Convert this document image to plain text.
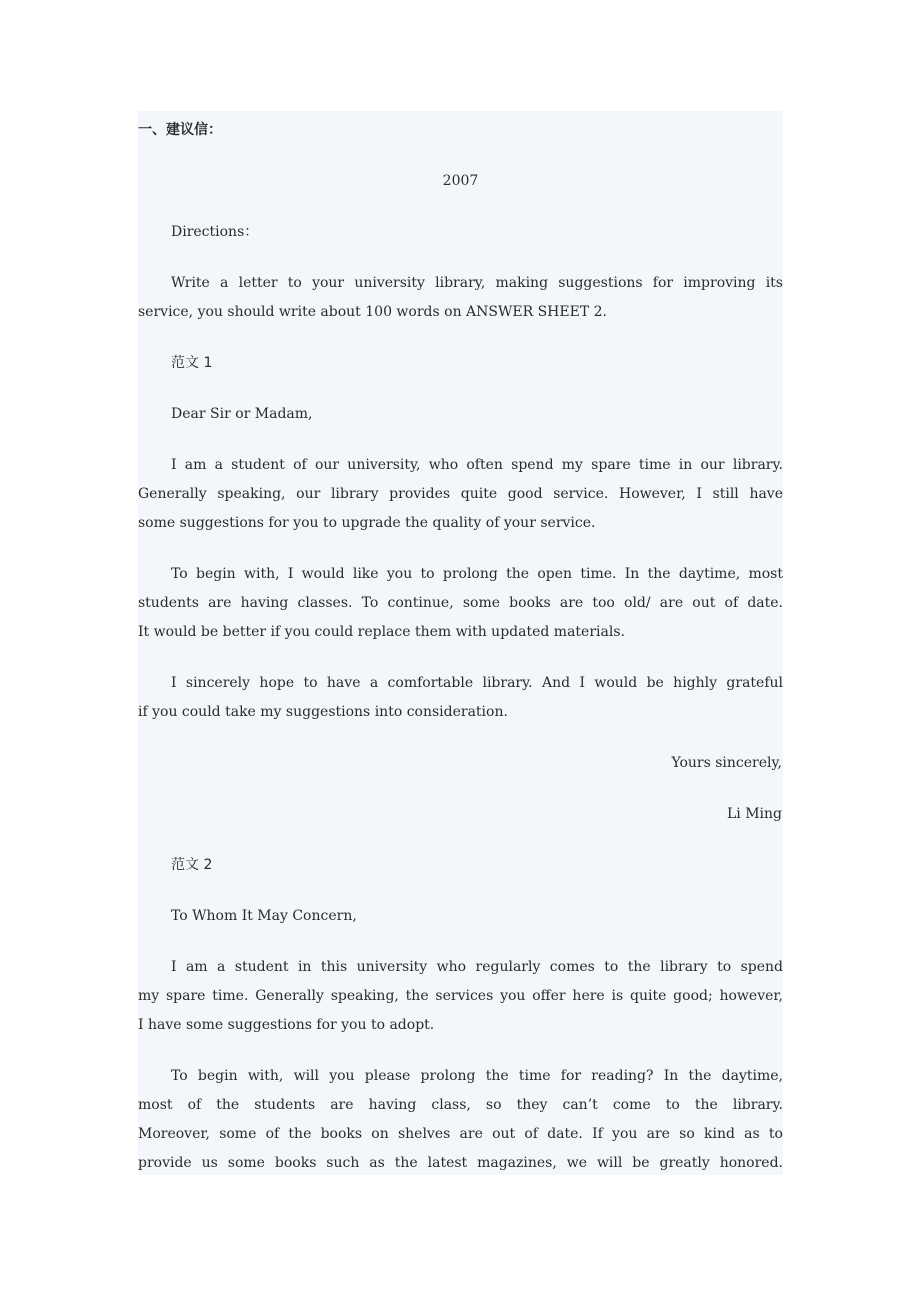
一、建议信：
2007
Directions：
Write a letter to your university library, making suggestions for improving its
service, you should write about 100 words on ANSWER SHEET 2.
范文 1
Dear Sir or Madam,
I am a student of our university, who often spend my spare time in our library.
Generally speaking, our library provides quite good service. However, I still have
some suggestions for you to upgrade the quality of your service.
To begin with, I would like you to prolong the open time. In the daytime, most
students are having classes. To continue, some books are too old/ are out of date.
It would be better if you could replace them with updated materials.
I sincerely hope to have a comfortable library. And I would be highly grateful
if you could take my suggestions into consideration.
Yours sincerely,
Li Ming
范文 2
To Whom It May Concern,
I am a student in this university who regularly comes to the library to spend
my spare time. Generally speaking, the services you offer here is quite good; however,
I have some suggestions for you to adopt.
To begin with, will you please prolong the time for reading? In the daytime,
most of the students are having class, so they can’t come to the library.
Moreover, some of the books on shelves are out of date. If you are so kind as to
provide us some books such as the latest magazines, we will be greatly honored.
